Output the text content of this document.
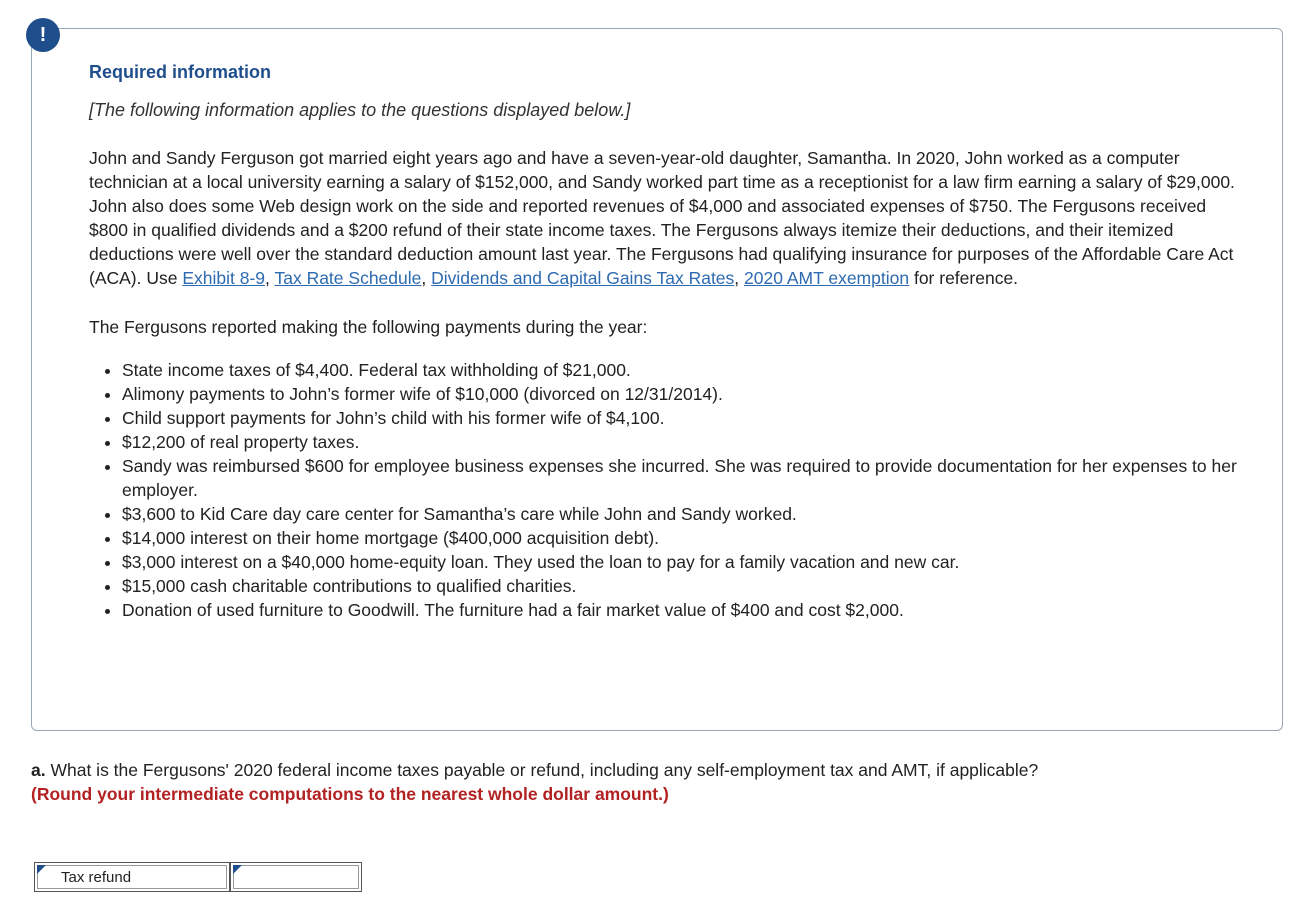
!

Required information

[The following information applies to the questions displayed below.]

John and Sandy Ferguson got married eight years ago and have a seven-year-old daughter, Samantha. In 2020, John worked as a computer technician at a local university earning a salary of $152,000, and Sandy worked part time as a receptionist for a law firm earning a salary of $29,000. John also does some Web design work on the side and reported revenues of $4,000 and associated expenses of $750. The Fergusons received $800 in qualified dividends and a $200 refund of their state income taxes. The Fergusons always itemize their deductions, and their itemized deductions were well over the standard deduction amount last year. The Fergusons had qualifying insurance for purposes of the Affordable Care Act (ACA). Use Exhibit 8-9, Tax Rate Schedule, Dividends and Capital Gains Tax Rates, 2020 AMT exemption for reference.

The Fergusons reported making the following payments during the year:

• State income taxes of $4,400. Federal tax withholding of $21,000.
• Alimony payments to John’s former wife of $10,000 (divorced on 12/31/2014).
• Child support payments for John’s child with his former wife of $4,100.
• $12,200 of real property taxes.
• Sandy was reimbursed $600 for employee business expenses she incurred. She was required to provide documentation for her expenses to her employer.
• $3,600 to Kid Care day care center for Samantha’s care while John and Sandy worked.
• $14,000 interest on their home mortgage ($400,000 acquisition debt).
• $3,000 interest on a $40,000 home-equity loan. They used the loan to pay for a family vacation and new car.
• $15,000 cash charitable contributions to qualified charities.
• Donation of used furniture to Goodwill. The furniture had a fair market value of $400 and cost $2,000.
a. What is the Fergusons' 2020 federal income taxes payable or refund, including any self-employment tax and AMT, if applicable?
(Round your intermediate computations to the nearest whole dollar amount.)
Tax refund
